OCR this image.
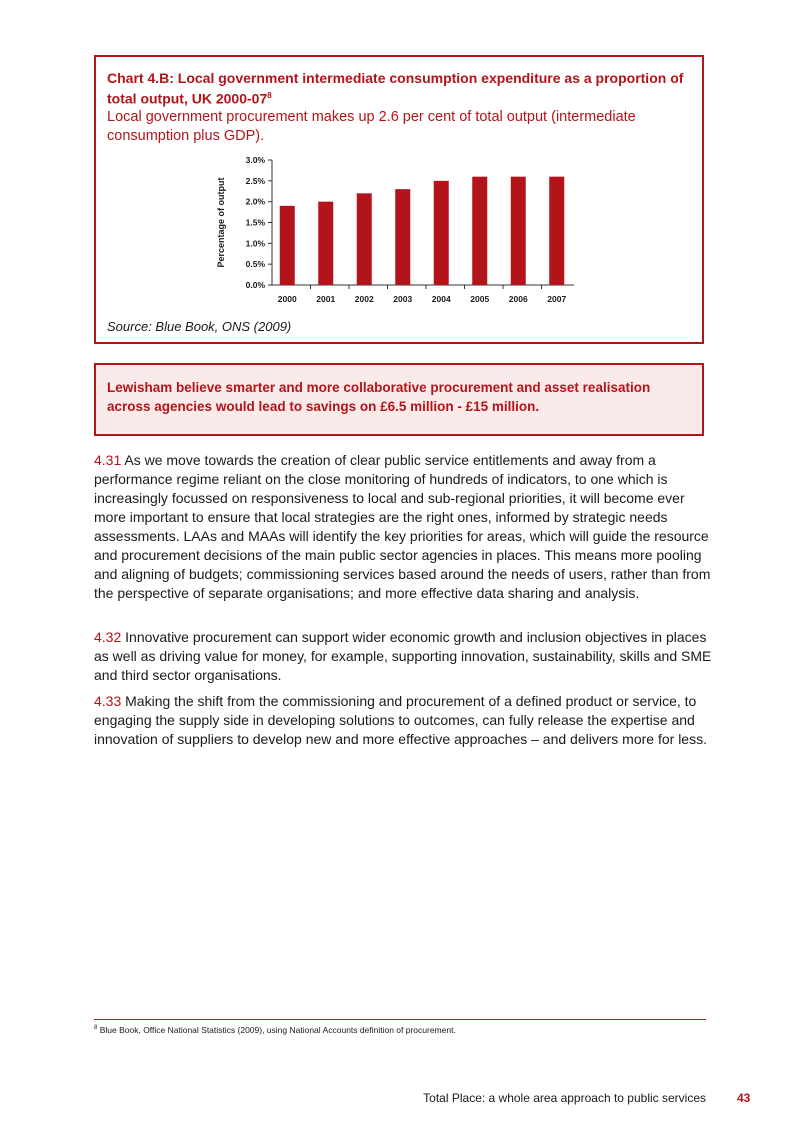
Chart 4.B: Local government intermediate consumption expenditure as a proportion of total output, UK $2000-07^8$

Local government procurement makes up 2.6 per cent of total output (intermediate consumption plus GDP).

0.0%
0.5%
1.0%
1.5%
2.0%
2.5%
3.0%
Percentage of output
2000 2001 2002 2003 2004 2005 2006 2007

Source: Blue Book, ONS (2009)

Lewisham believe smarter and more collaborative procurement and asset realisation across agencies would lead to savings on £6.5 million - £15 million.

4.31 As we move towards the creation of clear public service entitlements and away from a performance regime reliant on the close monitoring of hundreds of indicators, to one which is increasingly focussed on responsiveness to local and sub-regional priorities, it will become ever more important to ensure that local strategies are the right ones, informed by strategic needs assessments. LAAs and MAAs will identify the key priorities for areas, which will guide the resource and procurement decisions of the main public sector agencies in places. This means more pooling and aligning of budgets; commissioning services based around the needs of users, rather than from the perspective of separate organisations; and more effective data sharing and analysis.

4.32 Innovative procurement can support wider economic growth and inclusion objectives in places as well as driving value for money, for example, supporting innovation, sustainability, skills and SME and third sector organisations.

4.33 Making the shift from the commissioning and procurement of a defined product or service, to engaging the supply side in developing solutions to outcomes, can fully release the expertise and innovation of suppliers to develop new and more effective approaches – and delivers more for less.

$^8$ Blue Book, Office National Statistics (2009), using National Accounts definition of procurement.

Total Place: a whole area approach to public services	43
